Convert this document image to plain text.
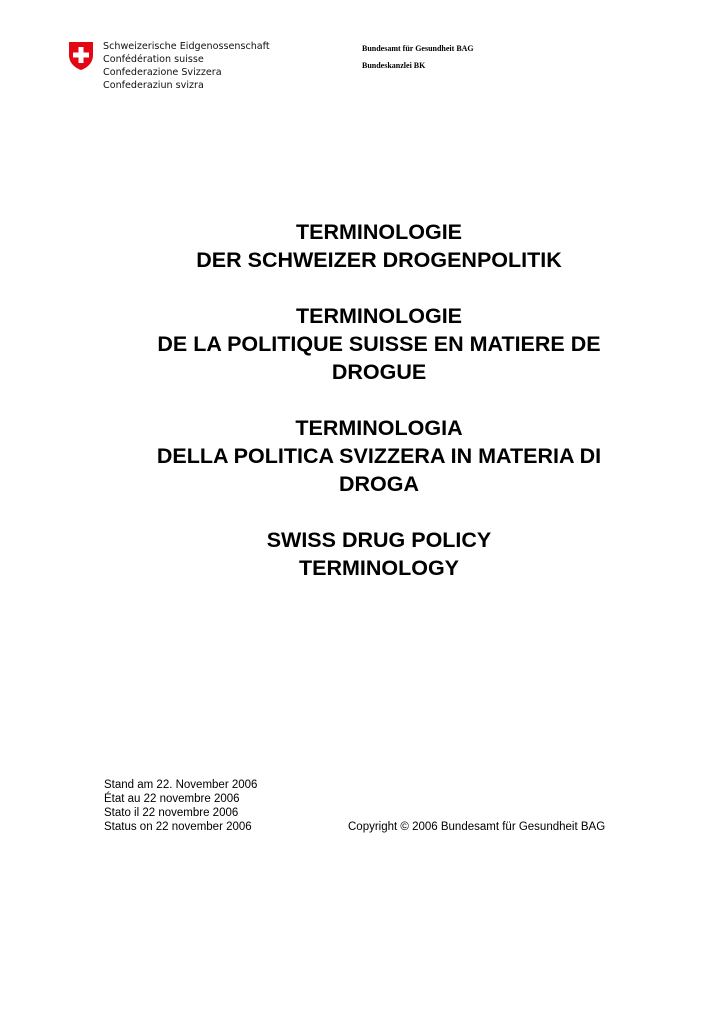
Schweizerische Eidgenossenschaft
Confédération suisse
Confederazione Svizzera
Confederaziun svizra
Bundesamt für Gesundheit BAG
Bundeskanzlei BK
TERMINOLOGIE
DER SCHWEIZER DROGENPOLITIK
TERMINOLOGIE
DE LA POLITIQUE SUISSE EN MATIERE DE
DROGUE
TERMINOLOGIA
DELLA POLITICA SVIZZERA IN MATERIA DI
DROGA
SWISS DRUG POLICY
TERMINOLOGY
Stand am 22. November 2006
État au 22 novembre 2006
Stato il 22 novembre 2006
Status on 22 november 2006	Copyright © 2006 Bundesamt für Gesundheit BAG
